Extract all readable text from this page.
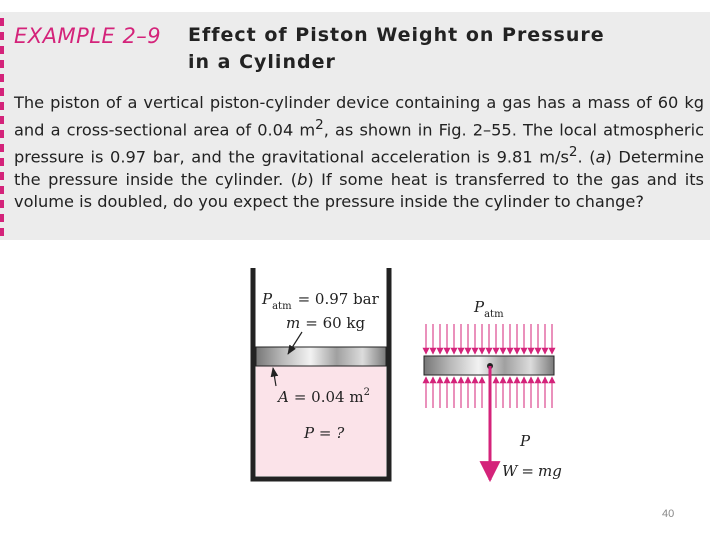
EXAMPLE 2–9 Effect of Piston Weight on Pressure in a Cylinder

The piston of a vertical piston-cylinder device containing a gas has a mass of 60 kg and a cross-sectional area of 0.04 $m^2$, as shown in Fig. 2–55. The local atmospheric pressure is 0.97 bar, and the gravitational acceleration is 9.81 $m/s^2$. (a) Determine the pressure inside the cylinder. (b) If some heat is transferred to the gas and its volume is doubled, do you expect the pressure inside the cylinder to change?

$P_{atm} = 0.97$ bar
m = 60 kg
A = 0.04 $m^2$
P = ?
$P_{atm}$
P
W = mg
40
